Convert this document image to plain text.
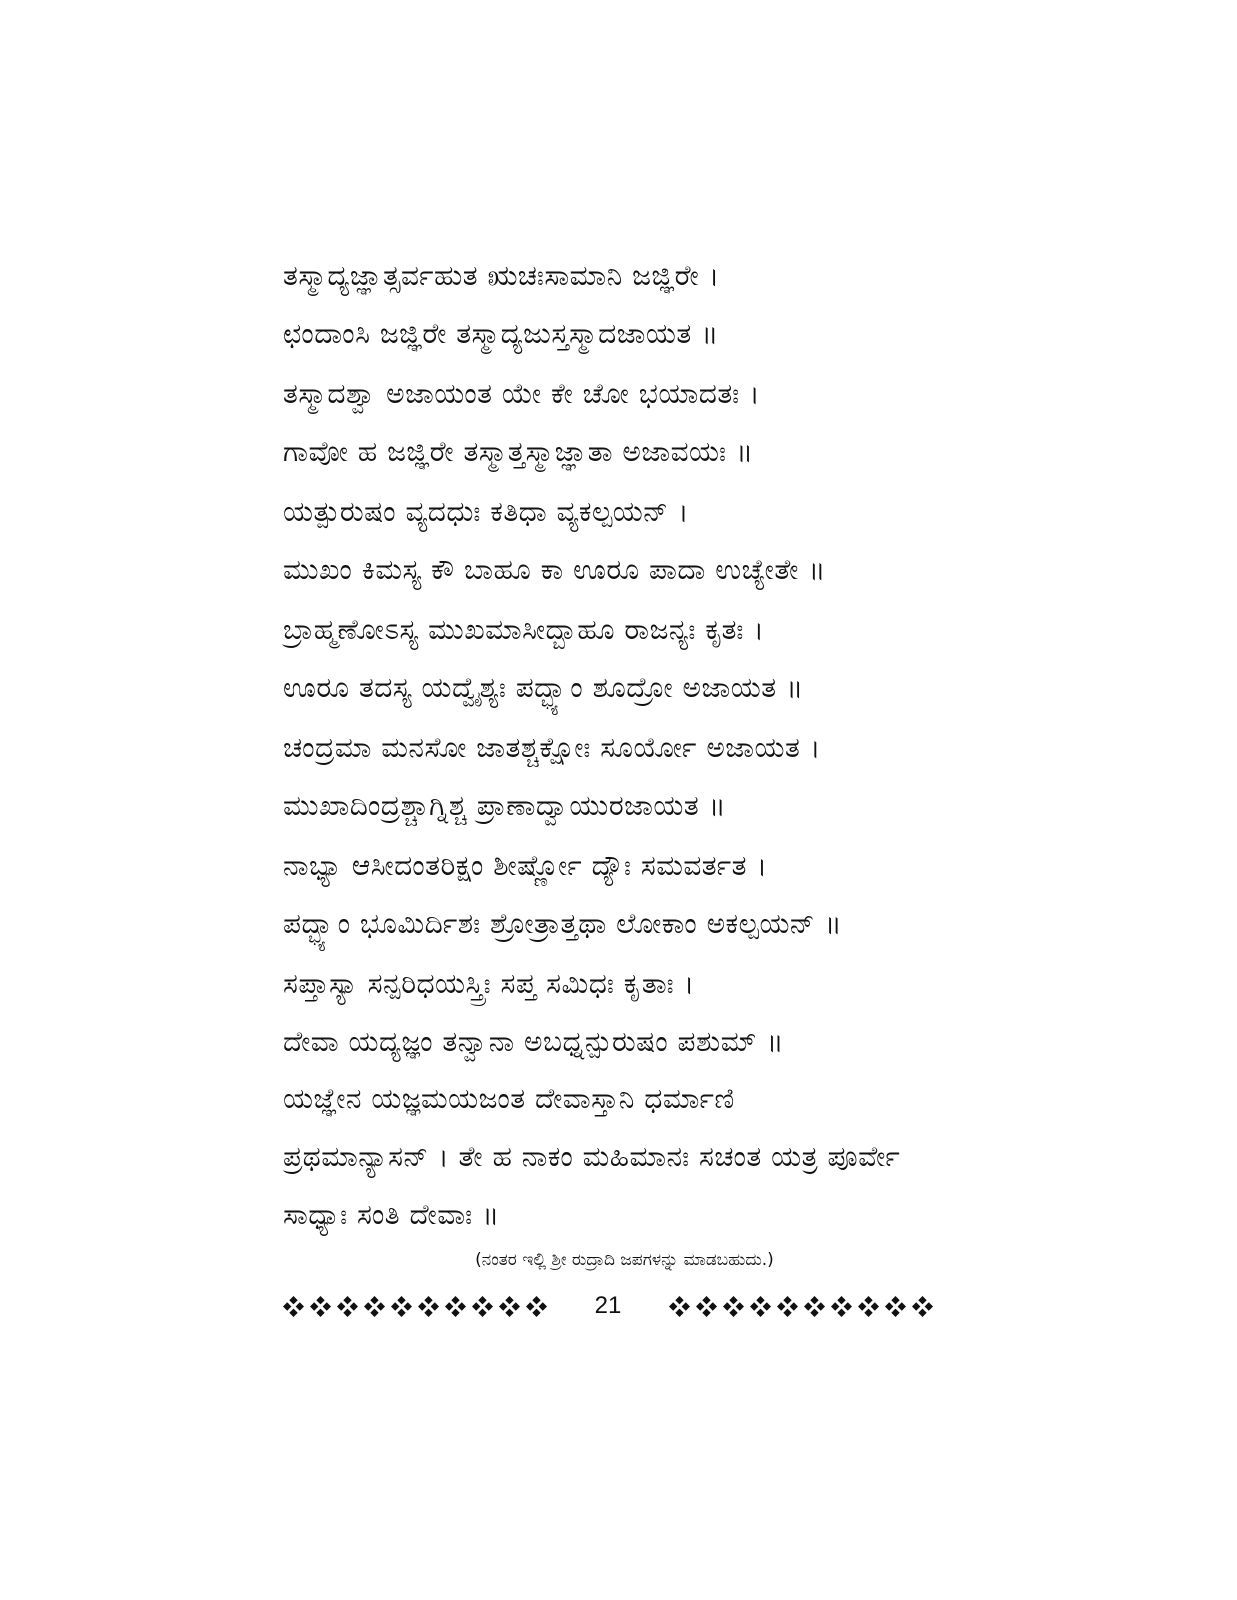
ತಸ್ಮಾದ್ಯಜ್ಞಾತ್ಸರ್ವಹುತ ಋಚಃಸಾಮಾನಿ ಜಜ್ಞಿರೇ ।
ಛಂದಾಂಸಿ ಜಜ್ಞಿರೇ ತಸ್ಮಾದ್ಯಜುಸ್ತಸ್ಮಾದಜಾಯತ ॥
ತಸ್ಮಾದಶ್ವಾ ಅಜಾಯಂತ ಯೇ ಕೇ ಚೋ ಭಯಾದತಃ ।
ಗಾವೋ ಹ ಜಜ್ಞಿರೇ ತಸ್ಮಾತ್ತಸ್ಮಾಜ್ಞಾತಾ ಅಜಾವಯಃ ॥
ಯತ್ಪುರುಷಂ ವ್ಯದಧುಃ ಕತಿಧಾ ವ್ಯಕಲ್ಪಯನ್ ।
ಮುಖಂ ಕಿಮಸ್ಯ ಕೌ ಬಾಹೂ ಕಾ ಊರೂ ಪಾದಾ ಉಚ್ಯೇತೇ ॥
ಬ್ರಾಹ್ಮಣೋಽಸ್ಯ ಮುಖಮಾಸೀದ್ಬಾಹೂ ರಾಜನ್ಯಃ ಕೃತಃ ।
ಊರೂ ತದಸ್ಯ ಯದ್ವೈಶ್ಯಃ ಪದ್ಭ್ಯಾಂ ಶೂದ್ರೋ ಅಜಾಯತ ॥
ಚಂದ್ರಮಾ ಮನಸೋ ಜಾತಶ್ಚಕ್ಷೋಃ ಸೂರ್ಯೋ ಅಜಾಯತ ।
ಮುಖಾದಿಂದ್ರಶ್ಚಾಗ್ನಿಶ್ಚ ಪ್ರಾಣಾದ್ವಾಯುರಜಾಯತ ॥
ನಾಭ್ಯಾ ಆಸೀದಂತರಿಕ್ಷಂ ಶೀರ್ಷ್ಣೋ ದ್ಯೌಃ ಸಮವರ್ತತ ।
ಪದ್ಭ್ಯಾಂ ಭೂಮಿರ್ದಿಶಃ ಶ್ರೋತ್ರಾತ್ತಥಾ ಲೋಕಾಂ ಅಕಲ್ಪಯನ್ ॥
ಸಪ್ತಾಸ್ಯಾ ಸನ್ಪರಿಧಯಸ್ತ್ರಿಃ ಸಪ್ತ ಸಮಿಧಃ ಕೃತಾಃ ।
ದೇವಾ ಯದ್ಯಜ್ಞಂ ತನ್ವಾನಾ ಅಬಧ್ನನ್ಪುರುಷಂ ಪಶುಮ್ ॥
ಯಜ್ಞೇನ ಯಜ್ಞಮಯಜಂತ ದೇವಾಸ್ತಾನಿ ಧರ್ಮಾಣಿ
ಪ್ರಥಮಾನ್ಯಾಸನ್ । ತೇ ಹ ನಾಕಂ ಮಹಿಮಾನಃ ಸಚಂತ ಯತ್ರ ಪೂರ್ವೇ
ಸಾಧ್ಯಾಃ ಸಂತಿ ದೇವಾಃ ॥
(ನಂತರ ಇಲ್ಲಿ ಶ್ರೀ ರುದ್ರಾದಿ ಜಪಗಳನ್ನು ಮಾಡಬಹುದು.)
21
